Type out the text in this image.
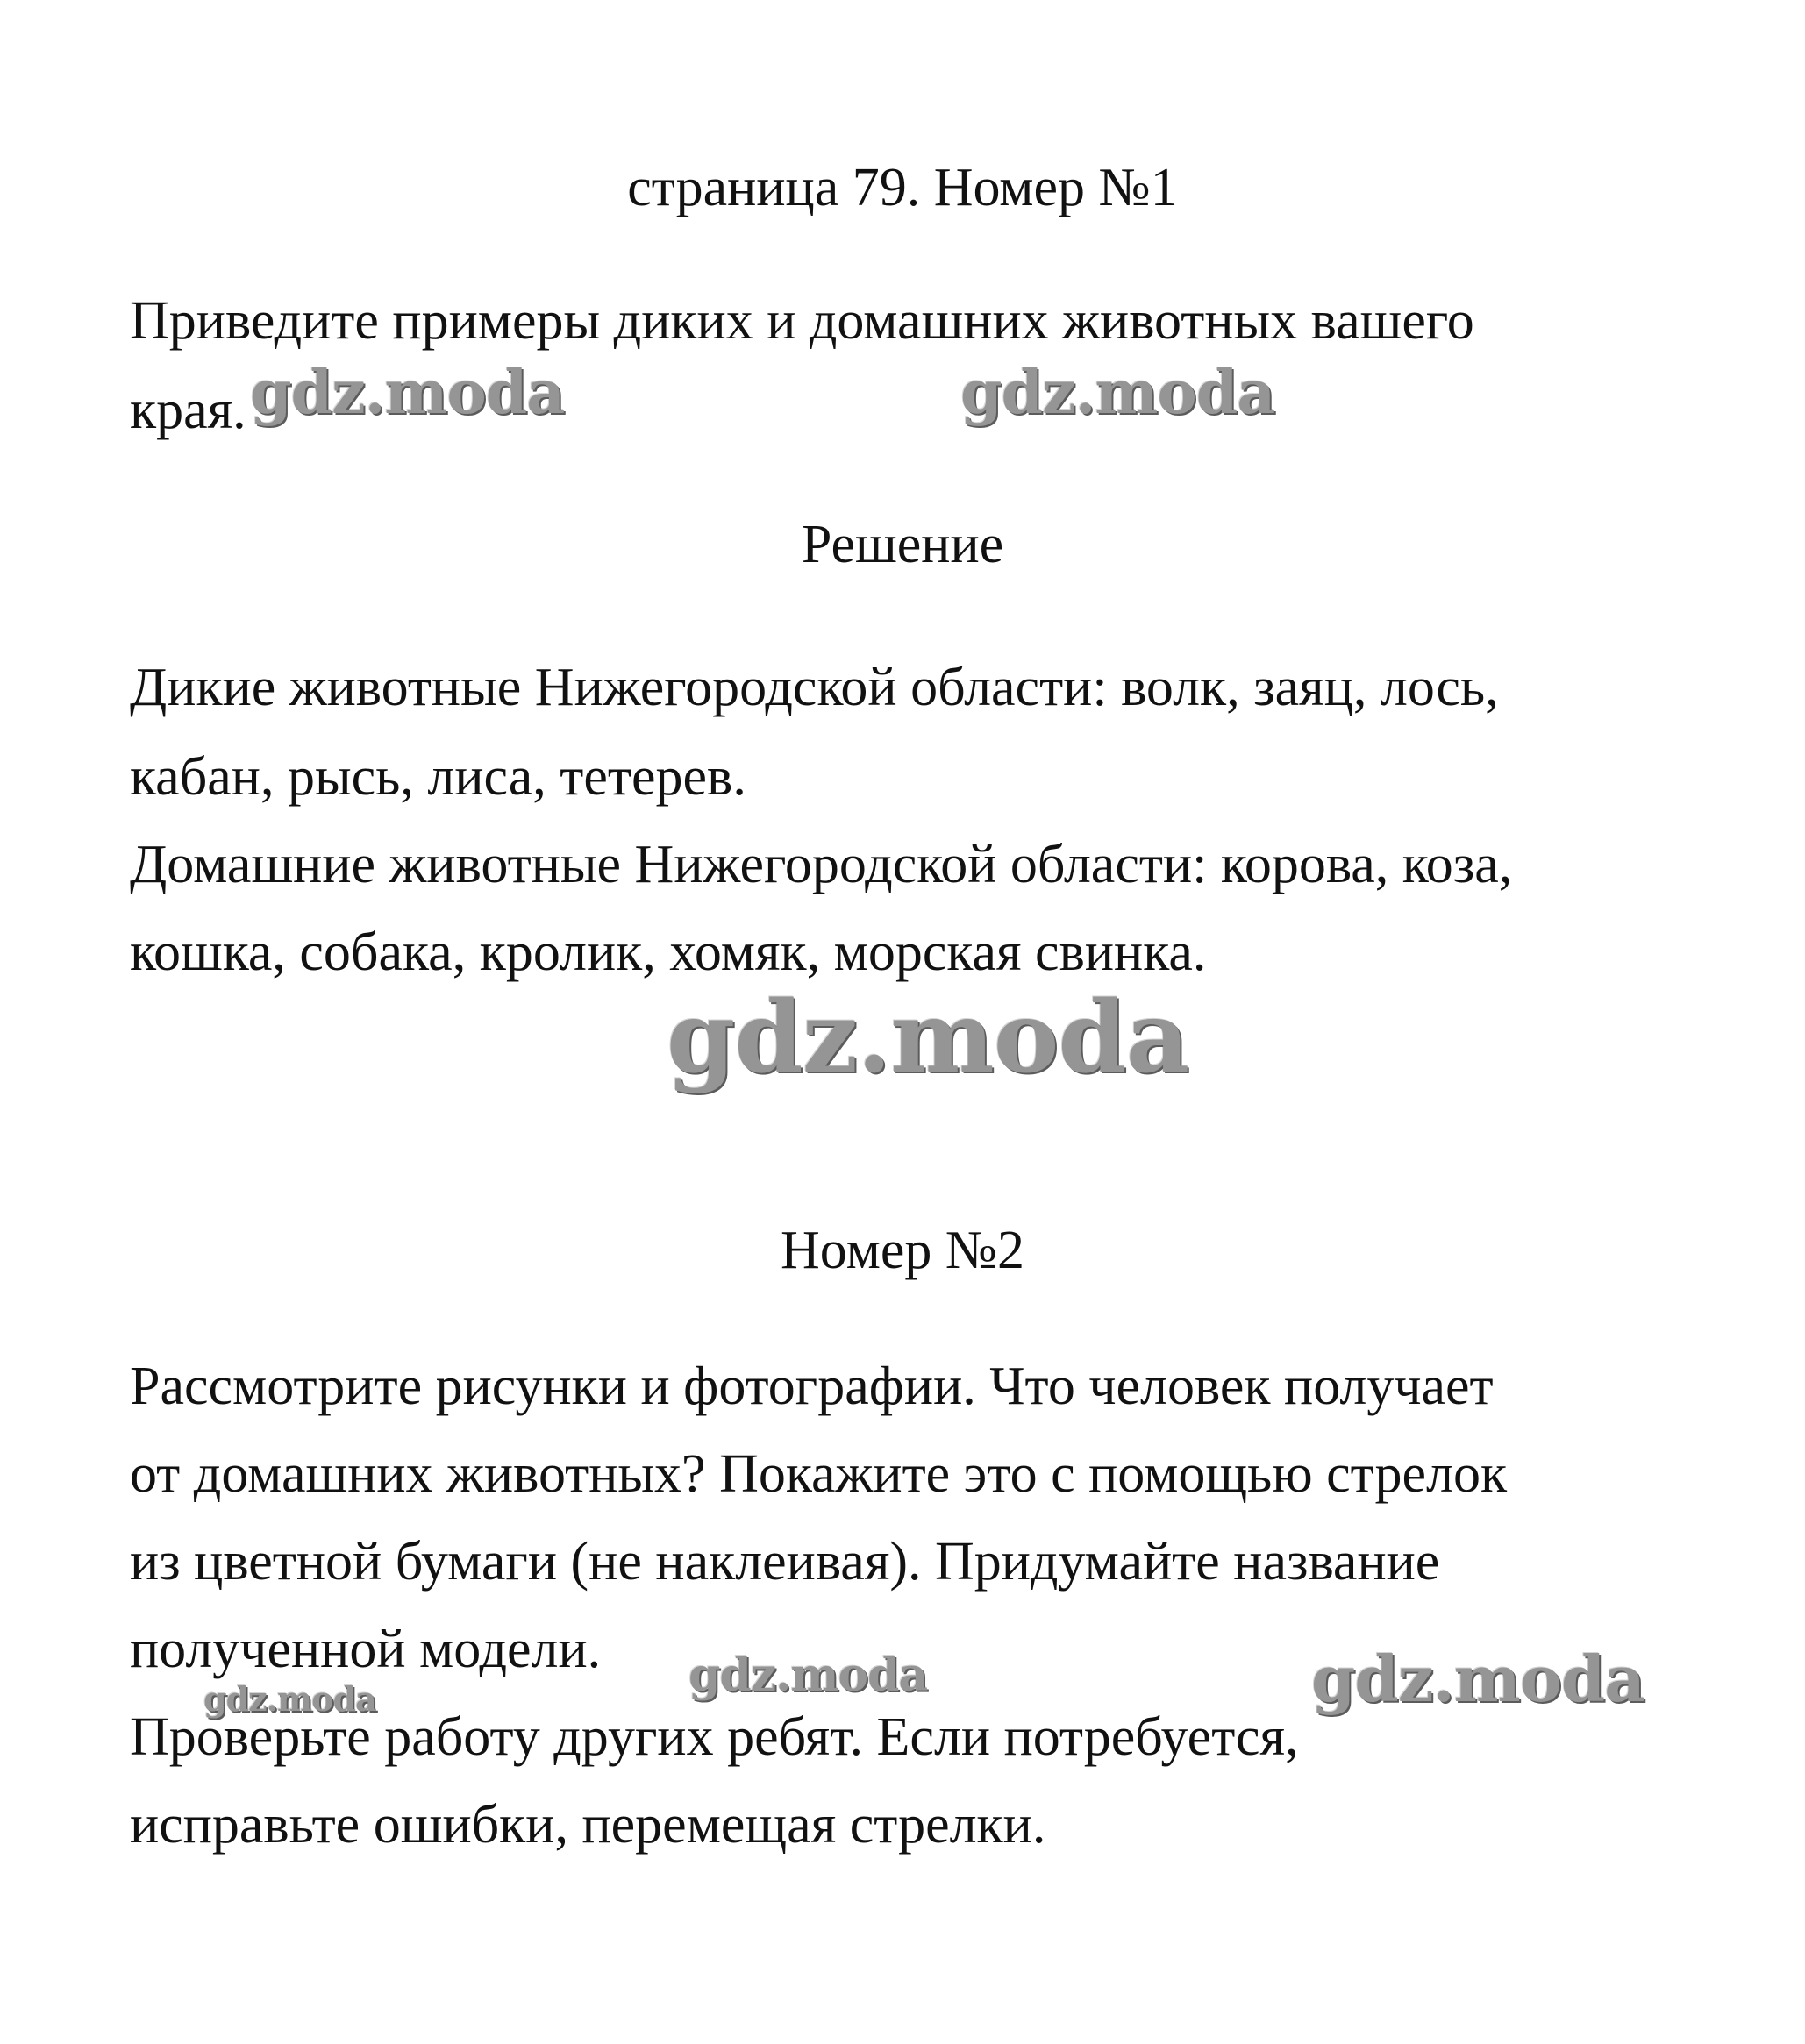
страница 79. Номер №1
Приведите примеры диких и домашних животных вашего
края.
Решение
Дикие животные Нижегородской области: волк, заяц, лось,
кабан, рысь, лиса, тетерев.
Домашние животные Нижегородской области: корова, коза,
кошка, собака, кролик, хомяк, морская свинка.
Номер №2
Рассмотрите рисунки и фотографии. Что человек получает
от домашних животных? Покажите это с помощью стрелок
из цветной бумаги (не наклеивая). Придумайте название
полученной модели.
Проверьте работу других ребят. Если потребуется,
исправьте ошибки, перемещая стрелки.
gdz.moda	gdz.moda
gdz.moda
gdz.moda	gdz.moda
gdz.moda
